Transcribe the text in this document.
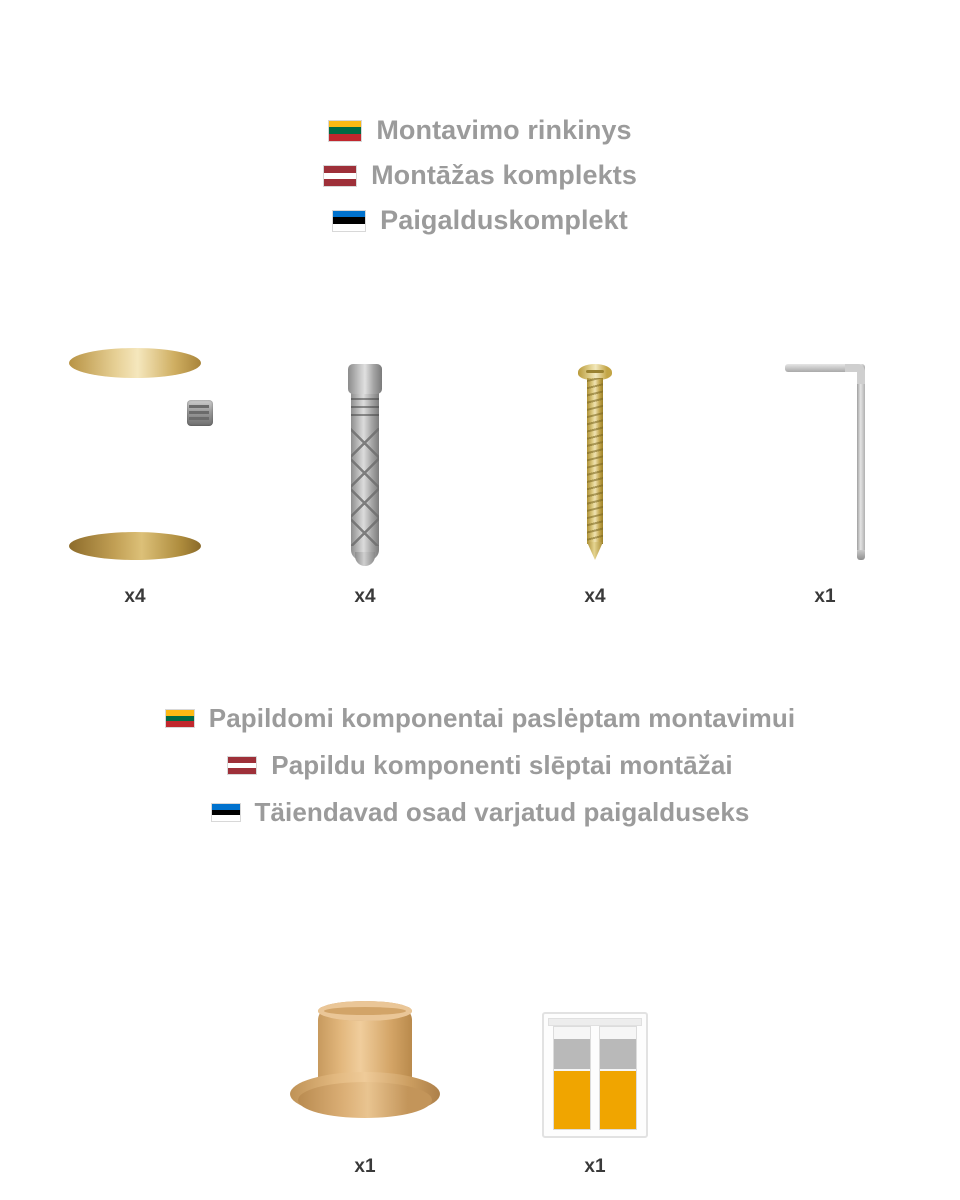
Montavimo rinkinys
Montāžas komplekts
Paigalduskomplekt
x4	x4	x4	x1
Papildomi komponentai paslėptam montavimui
Papildu komponenti slēptai montāžai
Täiendavad osad varjatud paigalduseks
x1	x1
